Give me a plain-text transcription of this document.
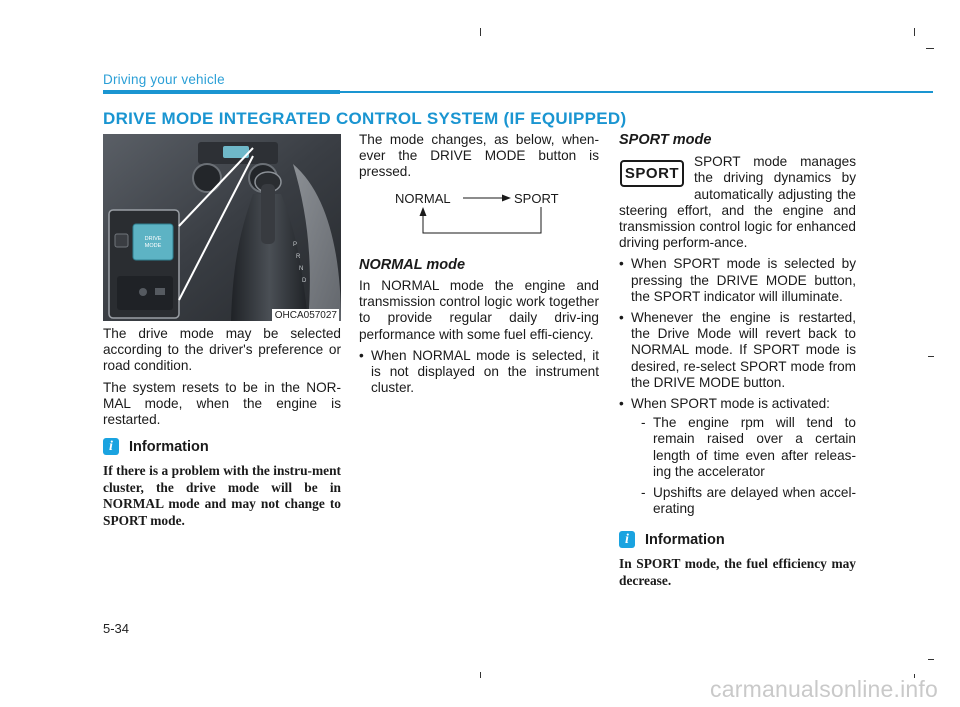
Driving your vehicle
DRIVE MODE INTEGRATED CONTROL SYSTEM (IF EQUIPPED)
P
R
N
D
DRIVE
MODE
OHCA057027

The drive mode may be selected according to the driver's preference or road condition.

The system resets to be in the NOR-MAL mode, when the engine is restarted.

i	Information

If there is a problem with the instru-ment cluster, the drive mode will be in NORMAL mode and may not change to SPORT mode.

The mode changes, as below, when-ever the DRIVE MODE button is pressed.

NORMAL	SPORT

NORMAL mode

In NORMAL mode the engine and transmission control logic work together to provide regular daily driv-ing performance with some fuel effi-ciency.

• When NORMAL mode is selected, it is not displayed on the instrument cluster.

SPORT mode

SPORT
SPORT mode manages the driving dynamics by automatically adjusting the steering effort, and the engine and transmission control logic for enhanced driving perform-ance.

• When SPORT mode is selected by pressing the DRIVE MODE button, the SPORT indicator will illuminate.
• Whenever the engine is restarted, the Drive Mode will revert back to NORMAL mode. If SPORT mode is desired, re-select SPORT mode from the DRIVE MODE button.
• When SPORT mode is activated:
- The engine rpm will tend to remain raised over a certain length of time even after releas-ing the accelerator
- Upshifts are delayed when accel-erating
i	Information

In SPORT mode, the fuel efficiency may decrease.

5-34
carmanualsonline.info
